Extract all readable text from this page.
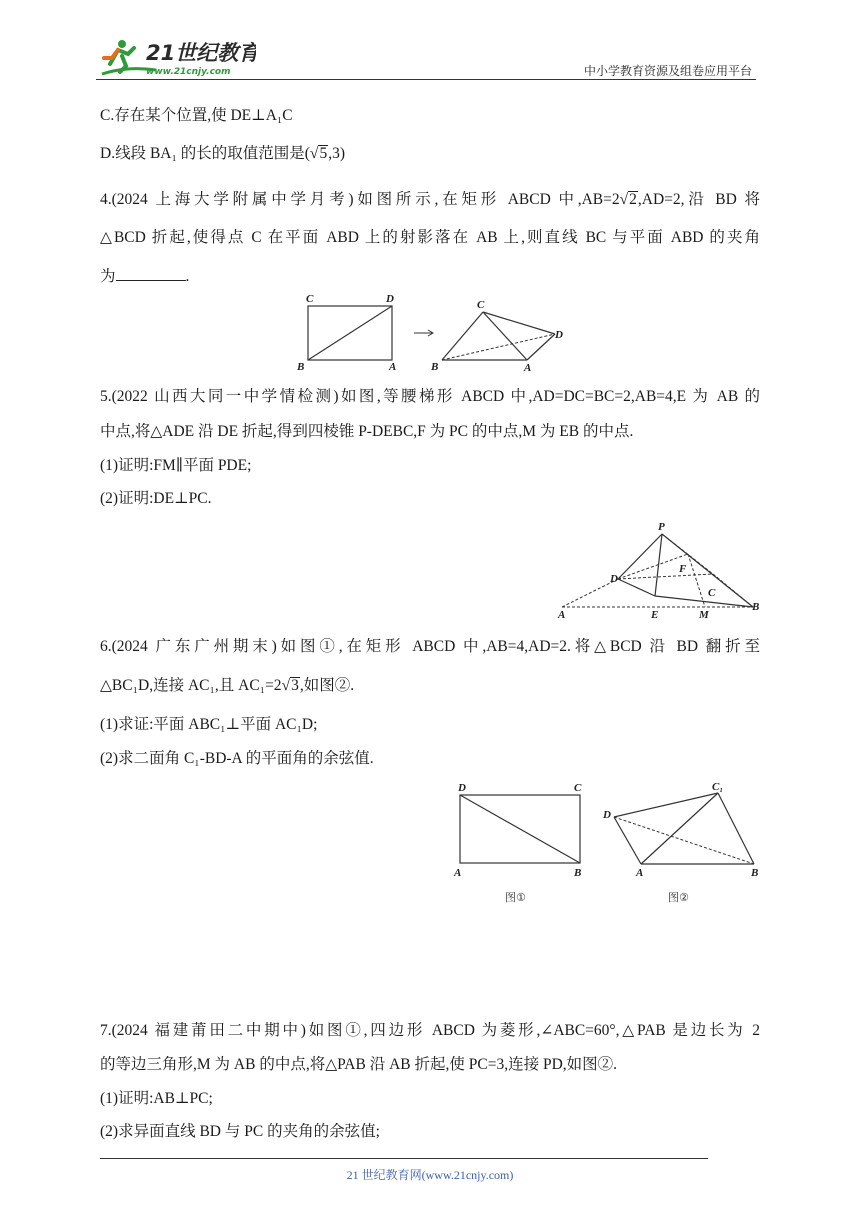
21世纪教育
www.21cnjy.com	中小学教育资源及组卷应用平台
C.存在某个位置,使 DE⊥A₁C
D.线段 BA₁ 的长的取值范围是(√5,3)
4.(2024 上海大学附属中学月考)如图所示,在矩形 ABCD 中,AB=2√2,AD=2,沿 BD 将
△BCD 折起,使得点 C 在平面 ABD 上的射影落在 AB 上,则直线 BC 与平面 ABD 的夹角
为	.
C	D
B	A
C
D
B	A
5.(2022 山西大同一中学情检测)如图,等腰梯形 ABCD 中,AD=DC=BC=2,AB=4,E 为 AB 的
中点,将△ADE 沿 DE 折起,得到四棱锥 P-DEBC,F 为 PC 的中点,M 为 EB 的中点.
(1)证明:FM∥平面 PDE;
(2)证明:DE⊥PC.
P
D
F
C
A	E	M
B
6.(2024 广东广州期末)如图①,在矩形 ABCD 中,AB=4,AD=2.将△BCD 沿 BD 翻折至
△BC₁D,连接 AC₁,且 AC₁=2√3,如图②.
(1)求证:平面 ABC₁⊥平面 AC₁D;
(2)求二面角 C₁-BD-A 的平面角的余弦值.
D	C
A	B
图①
C₁
D
A	B
图②
7.(2024 福建莆田二中期中)如图①,四边形 ABCD 为菱形,∠ABC=60°,△PAB 是边长为 2
的等边三角形,M 为 AB 的中点,将△PAB 沿 AB 折起,使 PC=3,连接 PD,如图②.
(1)证明:AB⊥PC;
(2)求异面直线 BD 与 PC 的夹角的余弦值;
21 世纪教育网(www.21cnjy.com)
